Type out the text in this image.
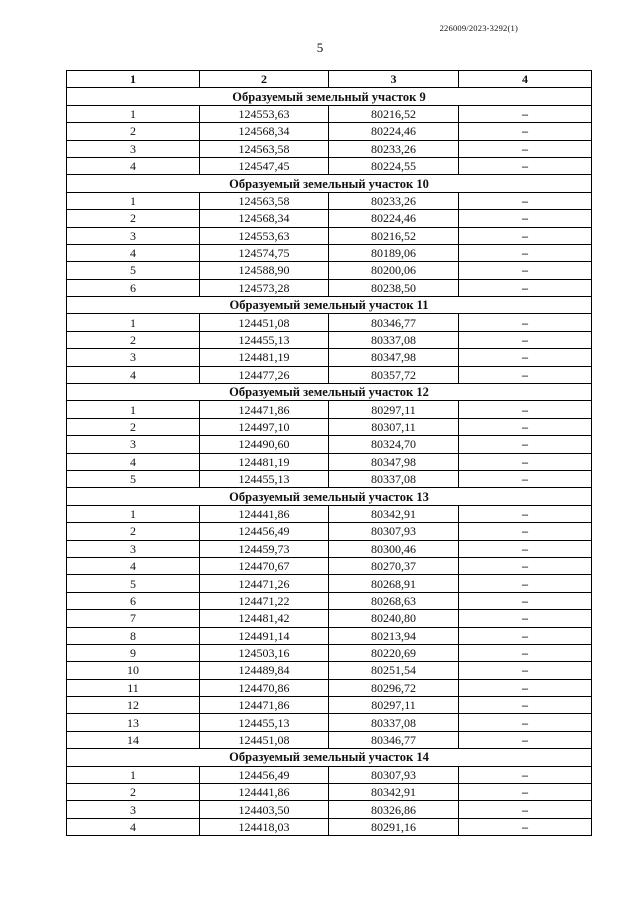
226009/2023-3292(1)
5
1	2	3	4
Образуемый земельный участок 9			
1	124553,63	80216,52	–
2	124568,34	80224,46	–
3	124563,58	80233,26	–
4	124547,45	80224,55	–
Образуемый земельный участок 10			
1	124563,58	80233,26	–
2	124568,34	80224,46	–
3	124553,63	80216,52	–
4	124574,75	80189,06	–
5	124588,90	80200,06	–
6	124573,28	80238,50	–
Образуемый земельный участок 11			
1	124451,08	80346,77	–
2	124455,13	80337,08	–
3	124481,19	80347,98	–
4	124477,26	80357,72	–
Образуемый земельный участок 12			
1	124471,86	80297,11	–
2	124497,10	80307,11	–
3	124490,60	80324,70	–
4	124481,19	80347,98	–
5	124455,13	80337,08	–
Образуемый земельный участок 13			
1	124441,86	80342,91	–
2	124456,49	80307,93	–
3	124459,73	80300,46	–
4	124470,67	80270,37	–
5	124471,26	80268,91	–
6	124471,22	80268,63	–
7	124481,42	80240,80	–
8	124491,14	80213,94	–
9	124503,16	80220,69	–
10	124489,84	80251,54	–
11	124470,86	80296,72	–
12	124471,86	80297,11	–
13	124455,13	80337,08	–
14	124451,08	80346,77	–
Образуемый земельный участок 14			
1	124456,49	80307,93	–
2	124441,86	80342,91	–
3	124403,50	80326,86	–
4	124418,03	80291,16	–
